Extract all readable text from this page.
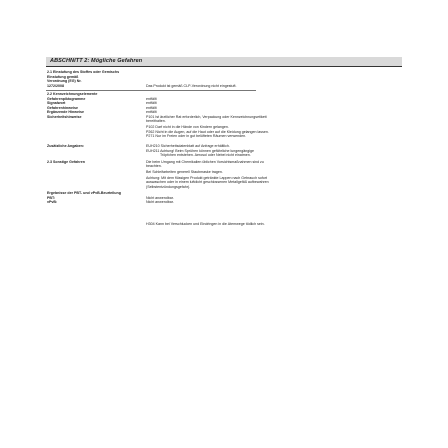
ABSCHNITT 2: Mögliche Gefahren
2.1 Einstufung des Stoffes oder Gemischs
Einstufung gemäß
Verordnung (EG) Nr.
1272/2008	Das Produkt ist gemäß CLP-Verordnung nicht eingestuft.
2.2 Kennzeichnungselemente
Gefahrenpiktogramme	entfällt
Signalwort	entfällt
Gefahrenhinweise	entfällt
Ergänzende Hinweise	entfällt
Sicherheitshinweise	P101 Ist ärztlicher Rat erforderlich, Verpackung oder Kennzeichnungsetikett
bereithalten.
P102 Darf nicht in die Hände von Kindern gelangen.
P262 Nicht in die Augen, auf die Haut oder auf die Kleidung gelangen lassen.
P271 Nur im Freien oder in gut belüfteten Räumen verwenden.
Zusätzliche Angaben:	EUH210 Sicherheitsdatenblatt auf Anfrage erhältlich.
EUH211 Achtung! Beim Sprühen können gefährliche lungengängige
Tröpfchen entstehen. Aerosol oder Nebel nicht einatmen.
2.3 Sonstige Gefahren	Die beim Umgang mit Chemikalien üblichen Vorsichtsmaßnahmen sind zu
beachten.
Bei Schleifarbeiten generell Staubmaske tragen.
Achtung: Mit dem flüssigen Produkt getränkte Lappen nach Gebrauch sofort
auswaschen oder in einem luftdicht geschlossenen Metallgefäß aufbewahren
(Selbstentzündungsgefahr).
Ergebnisse der PBT- und vPvB-Beurteilung
PBT:	Nicht anwendbar.
vPvB:	Nicht anwendbar.
H304 Kann bei Verschlucken und Eindringen in die Atemwege tödlich sein.
